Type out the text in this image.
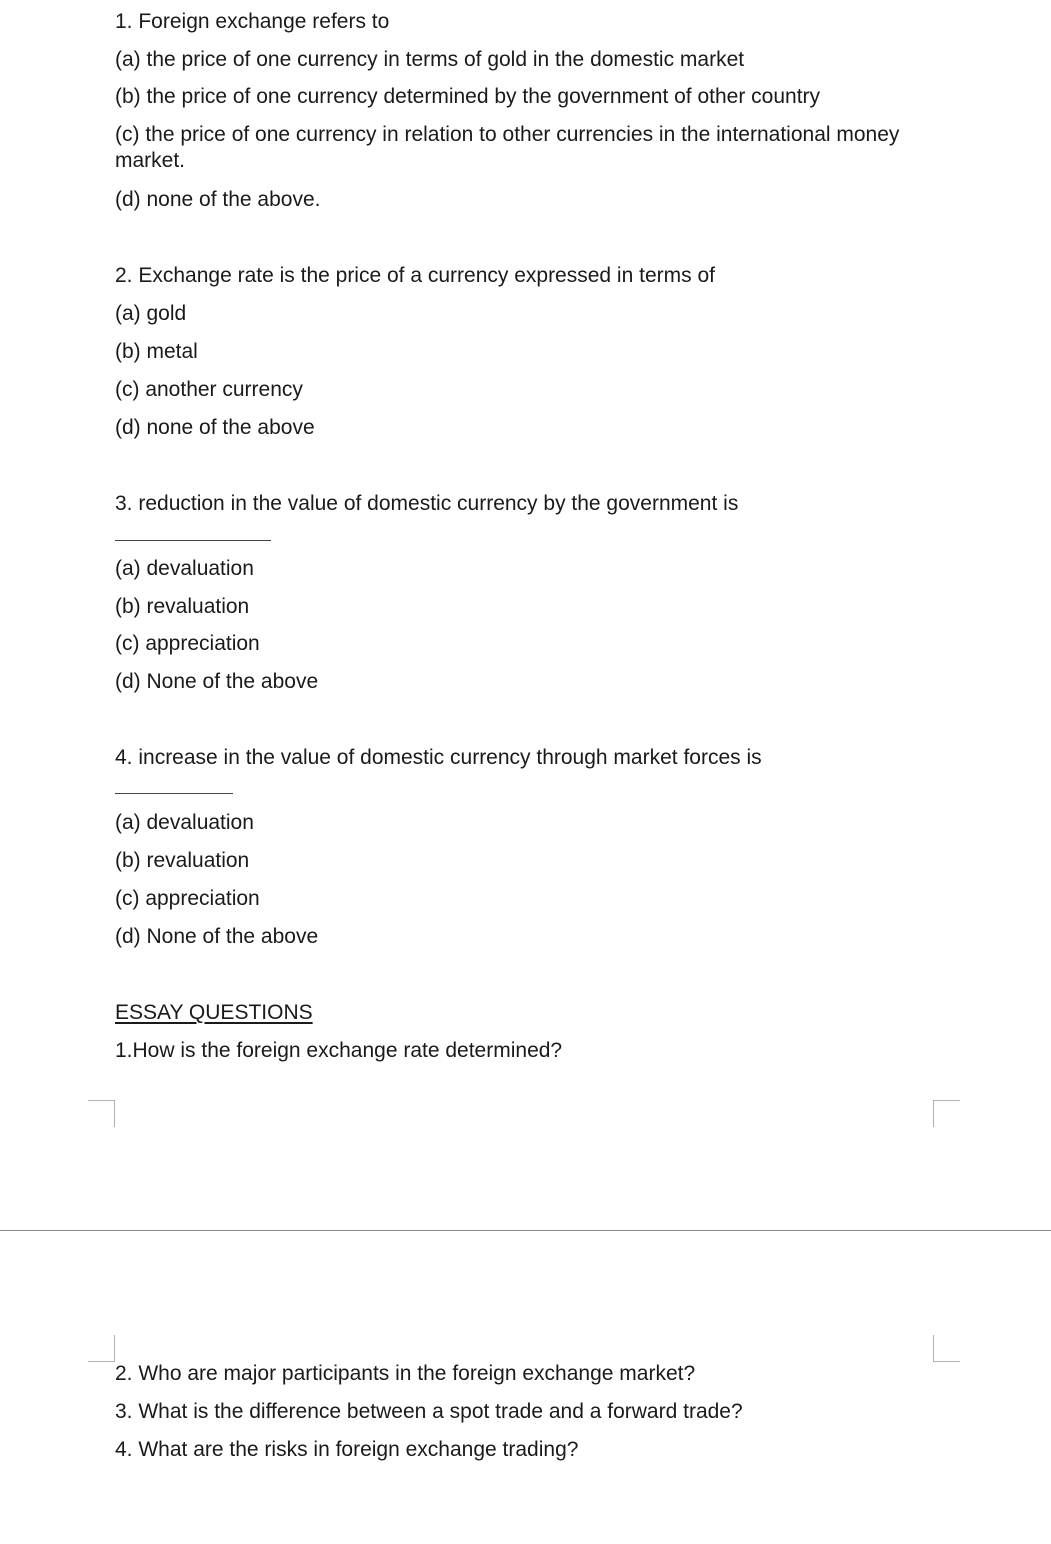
1. Foreign exchange refers to
(a) the price of one currency in terms of gold in the domestic market
(b) the price of one currency determined by the government of other country
(c) the price of one currency in relation to other currencies in the international money market.
(d) none of the above.
2. Exchange rate is the price of a currency expressed in terms of
(a) gold
(b) metal
(c) another currency
(d) none of the above
3. reduction in the value of domestic currency by the government is
(a) devaluation
(b) revaluation
(c) appreciation
(d) None of the above
4. increase in the value of domestic currency through market forces is
(a) devaluation
(b) revaluation
(c) appreciation
(d) None of the above
ESSAY QUESTIONS
1.How is the foreign exchange rate determined?
2. Who are major participants in the foreign exchange market?
3. What is the difference between a spot trade and a forward trade?
4. What are the risks in foreign exchange trading?
